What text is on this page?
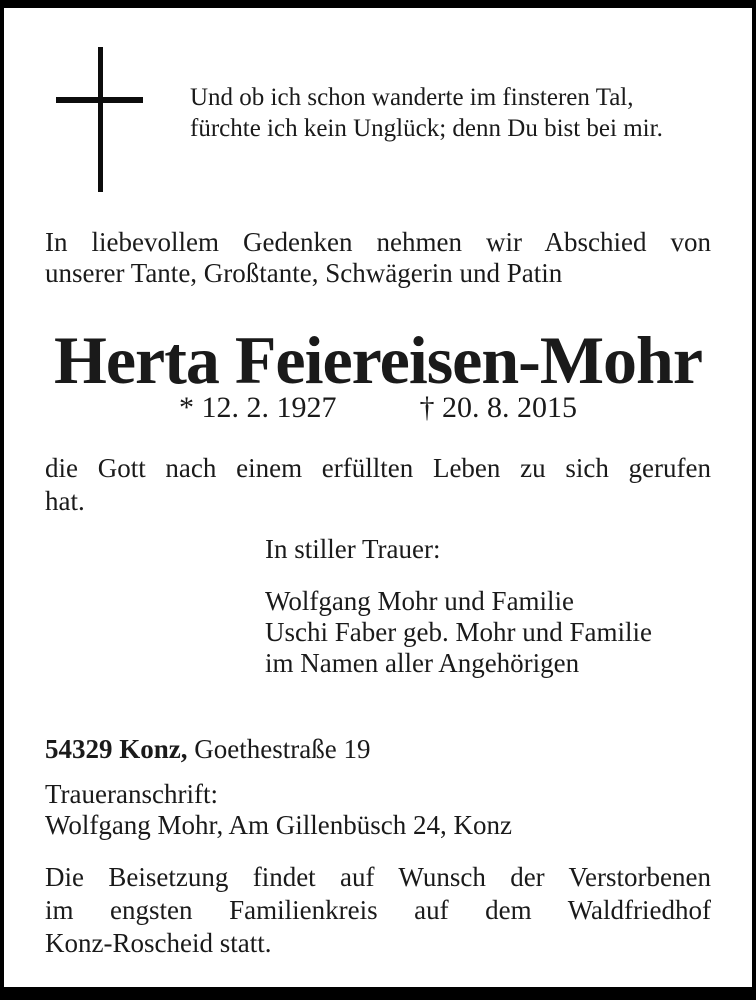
Und ob ich schon wanderte im finsteren Tal,
fürchte ich kein Unglück; denn Du bist bei mir.
In liebevollem Gedenken nehmen wir Abschied von
unserer Tante, Großtante, Schwägerin und Patin
Herta Feiereisen-Mohr
* 12. 2. 1927	† 20. 8. 2015
die Gott nach einem erfüllten Leben zu sich gerufen
hat.
In stiller Trauer:
Wolfgang Mohr und Familie
Uschi Faber geb. Mohr und Familie
im Namen aller Angehörigen
54329 Konz, Goethestraße 19
Traueranschrift:
Wolfgang Mohr, Am Gillenbüsch 24, Konz
Die Beisetzung findet auf Wunsch der Verstorbenen
im engsten Familienkreis auf dem Waldfriedhof
Konz-Roscheid statt.
